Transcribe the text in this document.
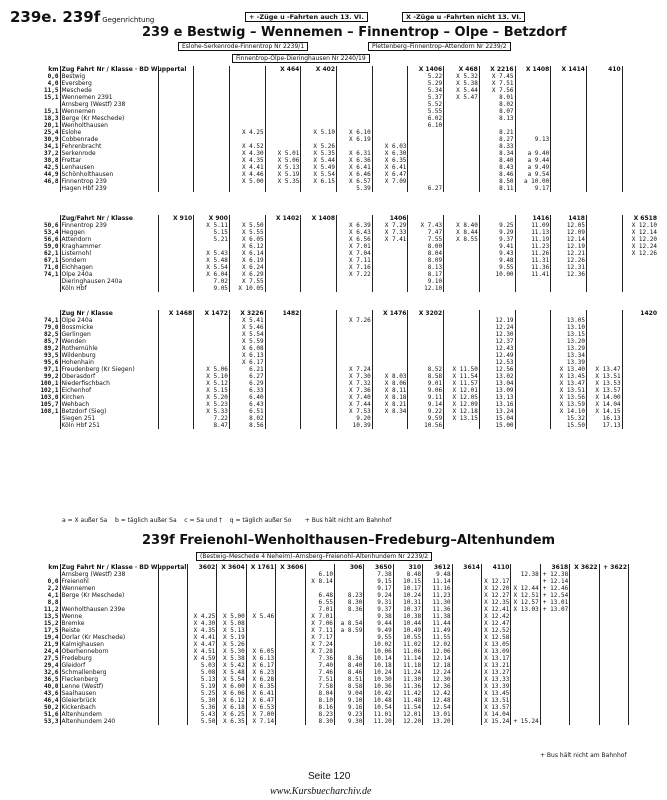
239e. 239f Gegenrichtung	+ -Züge u -Fahrten auch 13. VI.	X -Züge u -Fahrten nicht 13. VI.
239 e Bestwig – Wennemen – Finnentrop – Olpe – Betzdorf
Eslohe-Serkenrode-Finnentrop Nr 2239/1	Plettenberg–Finnentrop–Attendorn Nr 2239/2
Finnentrop-Olpe-Dieringhausen Nr 2240/19
km	Zug Fahrt Nr / Klasse · BD Wuppertal				X 464	X 402			X 1406	X 468	X 2216	X 1408	X 1414	410	
0,0	Bestwig								5.22	X 5.32	X 7.45				
4,0	Eversberg								5.29	X 5.38	X 7.51				
11,5	Meschede								5.34	X 5.44	X 7.56				
15,1	Wennemen 2391								5.37	X 5.47	8.01				
	Arnsberg (Westf) 238								5.52		8.02				
15,1	Wennemen								5.55		8.07				
18,3	Berge (Kr Meschede)								6.02		8.13				
20,1	Wenholthausen								6.10						
25,4	Eslohe			X 4.25		X 5.10	X 6.10				8.21				
30,9	Cobbenrade						X 6.19				8.27	9.13			
34,1	Fehrenbracht			X 4.52		X 5.26		X 6.03			8.33				
37,2	Serkenrode			X 4.30	X 5.01	X 5.35	X 6.31	X 6.30			8.34	a 9.40			
38,8	Frettar			X 4.35	X 5.06	X 5.44	X 6.36	X 6.35			8.40	a 9.44			
42,5	Lenhausen			X 4.41	X 5.13	X 5.49	X 6.41	X 6.41			8.43	a 9.49			
44,9	Schönholthausen			X 4.46	X 5.19	X 5.54	X 6.46	X 6.47			8.46	a 9.54			
46,8	Finnentrop 239			X 5.00	X 5.35	X 6.15	X 6.57	X 7.09			8.50	a 10.00			
	Hagen Hbf 239						5.39		6.27		8.11	9.17			
	Zug/Fahrt Nr / Klasse	X 910	X 900		X 1402	X 1408		1406				1416	1418		X 6518
50,6	Finnentrop 239		X 5.11	X 5.50			X 6.39	X 7.29	X 7.43	X 8.40	9.25	11.09	12.05		X 12.10
53,4	Heggen		5.15	X 5.55			X 6.43	X 7.33	7.47	X 8.44	9.29	11.13	12.09		X 12.14
56,6	Attendorn		5.21	X 6.05			X 6.56	X 7.41	7.55	X 8.55	9.37	11.19	12.14		X 12.20
59,0	Kraghammer			X 6.12			X 7.01		8.00		9.41	11.23	12.19		X 12.24
62,1	Listernohl		X 5.43	X 6.14			X 7.04		8.04		9.43	11.26	12.21		X 12.26
67,1	Sondern		X 5.48	X 6.19			X 7.11		8.09		9.48	11.31	12.26		
71,0	Eichhagen		X 5.54	X 6.24			X 7.16		8.13		9.55	11.36	12.31		
74,1	Olpe 240a		X 6.04	X 6.29			X 7.22		8.17		10.00	11.41	12.36		
	Dieringhausen 240a		7.02	X 7.55					9.10						
	Köln Hbf		9.05	X 10.05					12.10						
	Zug Nr / Klasse	X 1468	X 1472	X 3226	1482			X 1476	X 3202						1420
74,1	Olpe 240a			X 5.41			X 7.26				12.19		13.05		
79,0	Bossmicke			X 5.46							12.24		13.10		
82,5	Gerlingen			X 5.54							12.30		13.15		
85,7	Wenden			X 5.59							12.37		13.20		
89,2	Rothemühle			X 6.08							12.43		13.29		
93,5	Wildenburg			X 6.13							12.49		13.34		
95,6	Hohenhain			X 6.17							12.53		13.39		
97,1	Freudenberg (Kr Siegen)		X 5.06	6.21			X 7.24		8.52	X 11.50	12.56		X 13.40	X 13.47	
99,2	Oberasdorf		X 5.10	6.27			X 7.30	X 8.03	8.58	X 11.54	13.02		X 13.45	X 13.51	
100,1	Niederfischbach		X 5.12	6.29			X 7.32	X 8.06	9.01	X 11.57	13.04		X 13.47	X 13.53	
102,1	Eichenhof		X 5.15	6.33			X 7.36	X 8.11	9.06	X 12.01	13.09		X 13.51	X 13.57	
103,0	Kirchen		X 5.20	6.40			X 7.40	X 8.18	9.11	X 12.05	13.13		X 13.56	X 14.00	
105,7	Wehbach		X 5.23	6.43			X 7.44	X 8.21	9.14	X 12.09	13.16		X 13.59	X 14.04	
108,1	Betzdorf (Sieg)		X 5.33	6.51			X 7.53	X 8.34	9.22	X 12.18	13.24		X 14.10	X 14.15	
	Siegen 251		7.22	8.02			9.20		9.59	X 13.15	15.04		15.32	16.13	
	Köln Hbf 251		8.47	8.56			10.39		10.56		15.00		15.50	17.13	
a = X außer Sa b = täglich außer Sa c = Sa und † q = täglich außer So + Bus hält nicht am Bahnhof
239f Freienohl–Wenholthausen–Fredeburg–Altenhundem
(Bestwig–Meschede 4 Neheim)–Arnsberg–Freienohl–Altenhundem Nr 2239/2
km	Zug Fahrt Nr / Klasse · BD Wuppertal		3602	X 3604	X 1761	X 3606		306	3650	310	3612	3614	4110		3618	X 3622	+ 3622	
	Arnsberg (Westf) 238						6.10		7.38	8.48	9.48			12.38	+ 12.38			
0,0	Freienohl						X 8.14		9.15	10.15	11.14		X 12.17		+ 12.14			
2,2	Wennemen								9.17	10.17	11.16		X 12.20	X 12.44	+ 12.46			
4,1	Berge (Kr Meschede)						6.48	8.23	9.24	10.24	11.23		X 12.27	X 12.51	+ 12.54			
8,8							6.55	8.30	9.31	10.31	11.30		X 12.35	X 12.57	+ 13.01			
11,2	Wenholthausen 239e						7.01	8.36	9.37	10.37	11.36		X 12.41	X 13.03	+ 13.07			
13,5	Wenne		X 4.25	X 5.00	X 5.46		X 7.01		9.38	10.38	11.38		X 12.42					
15,2	Bremke		X 4.30	X 5.08			X 7.06	a 8.54	9.44	10.44	11.44		X 12.47					
17,5	Reiste		X 4.35	X 5.13			X 7.11	a 8.59	9.49	10.49	11.49		X 12.52					
19,4	Dorlar (Kr Meschede)		X 4.41	X 5.19			X 7.17		9.55	10.55	11.55		X 12.58					
21,9	Kalmighausen		X 4.47	X 5.26			X 7.24		10.02	11.02	12.02		X 13.05					
24,4	Oberhenneborn		X 4.51	X 5.30	X 6.05		X 7.28		10.06	11.06	12.06		X 13.09					
27,5	Fredeburg		X 4.59	X 5.38	X 6.13		7.36	8.36	10.14	11.14	12.14		X 13.17					
29,4	Gleidorf		5.03	X 5.42	X 6.17		7.40	8.40	10.18	11.18	12.18		X 13.21					
32,6	Schmallenberg		5.08	X 5.48	X 6.23		7.46	8.46	10.24	11.24	12.24		X 13.27					
36,5	Fleckenberg		5.13	X 5.54	X 6.28		7.51	8.51	10.30	11.30	12.30		X 13.33					
40,0	Lenne (Westf)		5.19	X 6.00	X 6.35		7.58	8.58	10.36	11.36	12.36		X 13.39					
43,6	Saalhausen		5.25	X 6.06	X 6.41		8.04	9.04	10.42	11.42	12.42		X 13.45					
46,4	Gleierbrück		5.30	X 6.12	X 6.47		8.10	9.10	10.48	11.48	12.48		X 13.51					
50,2	Kickenbach		5.36	X 6.18	X 6.53		8.16	9.16	10.54	11.54	12.54		X 13.57					
51,6	Altenhundem		5.43	X 6.25	X 7.00		8.23	9.23	11.01	12.01	13.01		X 14.04					
53,3	Altenhundem 240		5.50	X 6.35	X 7.14		8.30	9.30	11.20	12.20	13.20		X 15.24	+ 15.24				
+ Bus hält nicht am Bahnhof
Seite 120
www.Kursbuecharchiv.de
